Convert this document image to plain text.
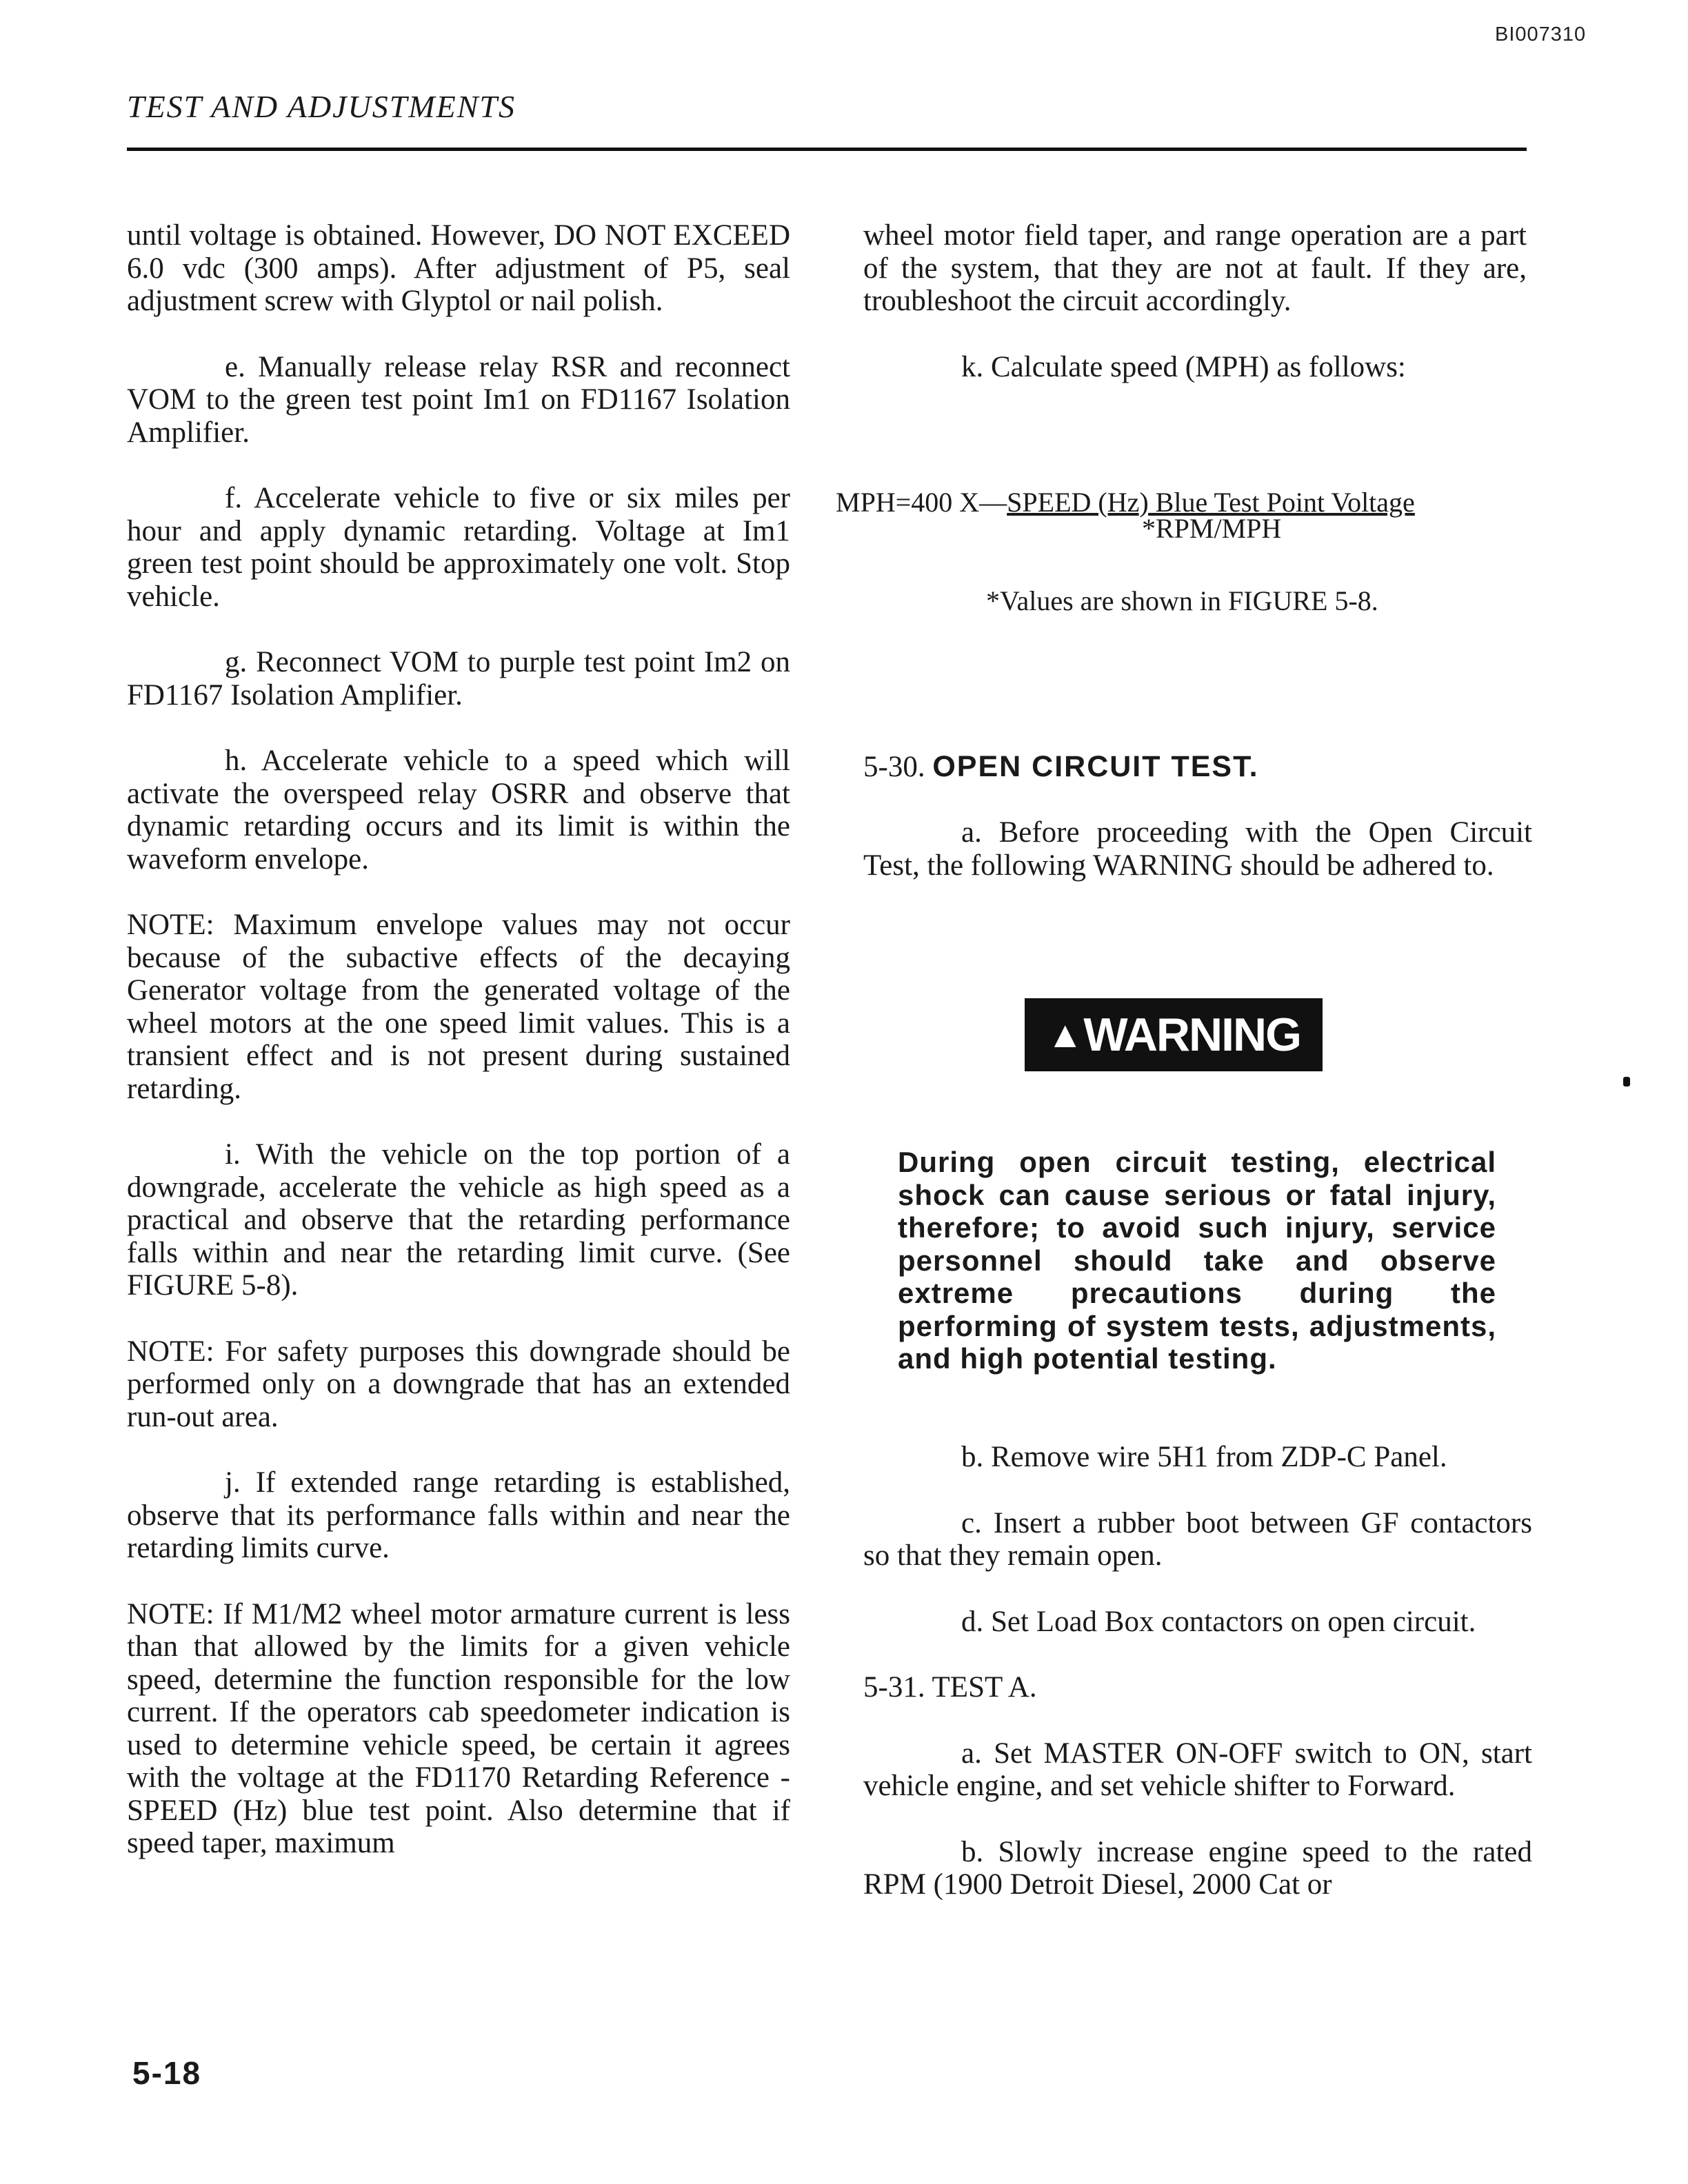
BI007310
TEST AND ADJUSTMENTS

until voltage is obtained. However, DO NOT EXCEED 6.0 vdc (300 amps). After adjustment of P5, seal adjustment screw with Glyptol or nail polish.

e. Manually release relay RSR and reconnect VOM to the green test point Im1 on FD1167 Isolation Amplifier.

f. Accelerate vehicle to five or six miles per hour and apply dynamic retarding. Voltage at Im1 green test point should be approximately one volt. Stop vehicle.

g. Reconnect VOM to purple test point Im2 on FD1167 Isolation Amplifier.

h. Accelerate vehicle to a speed which will activate the overspeed relay OSRR and observe that dynamic retarding occurs and its limit is within the waveform envelope.

NOTE: Maximum envelope values may not occur because of the subactive effects of the decaying Generator voltage from the generated voltage of the wheel motors at the one speed limit values. This is a transient effect and is not present during sustained retarding.

i. With the vehicle on the top portion of a downgrade, accelerate the vehicle as high speed as a practical and observe that the retarding performance falls within and near the retarding limit curve. (See FIGURE 5-8).

NOTE: For safety purposes this downgrade should be performed only on a downgrade that has an extended run-out area.

j. If extended range retarding is established, observe that its performance falls within and near the retarding limits curve.

NOTE: If M1/M2 wheel motor armature current is less than that allowed by the limits for a given vehicle speed, determine the function responsible for the low current. If the operators cab speedometer indication is used to determine vehicle speed, be certain it agrees with the voltage at the FD1170 Retarding Reference - SPEED (Hz) blue test point. Also determine that if speed taper, maximum

wheel motor field taper, and range operation are a part of the system, that they are not at fault. If they are, troubleshoot the circuit accordingly.

k. Calculate speed (MPH) as follows:

MPH=400 X—SPEED (Hz) Blue Test Point Voltage
*RPM/MPH
*Values are shown in FIGURE 5-8.
5-30. OPEN CIRCUIT TEST.

a. Before proceeding with the Open Circuit Test, the following WARNING should be adhered to.

▲ WARNING
During open circuit testing, electrical shock can cause serious or fatal injury, therefore; to avoid such injury, service personnel should take and observe extreme precautions during the performing of system tests, adjustments, and high potential testing.

b. Remove wire 5H1 from ZDP-C Panel.

c. Insert a rubber boot between GF contactors so that they remain open.

d. Set Load Box contactors on open circuit.

5-31. TEST A.

a. Set MASTER ON-OFF switch to ON, start vehicle engine, and set vehicle shifter to Forward.

b. Slowly increase engine speed to the rated RPM (1900 Detroit Diesel, 2000 Cat or

5-18
